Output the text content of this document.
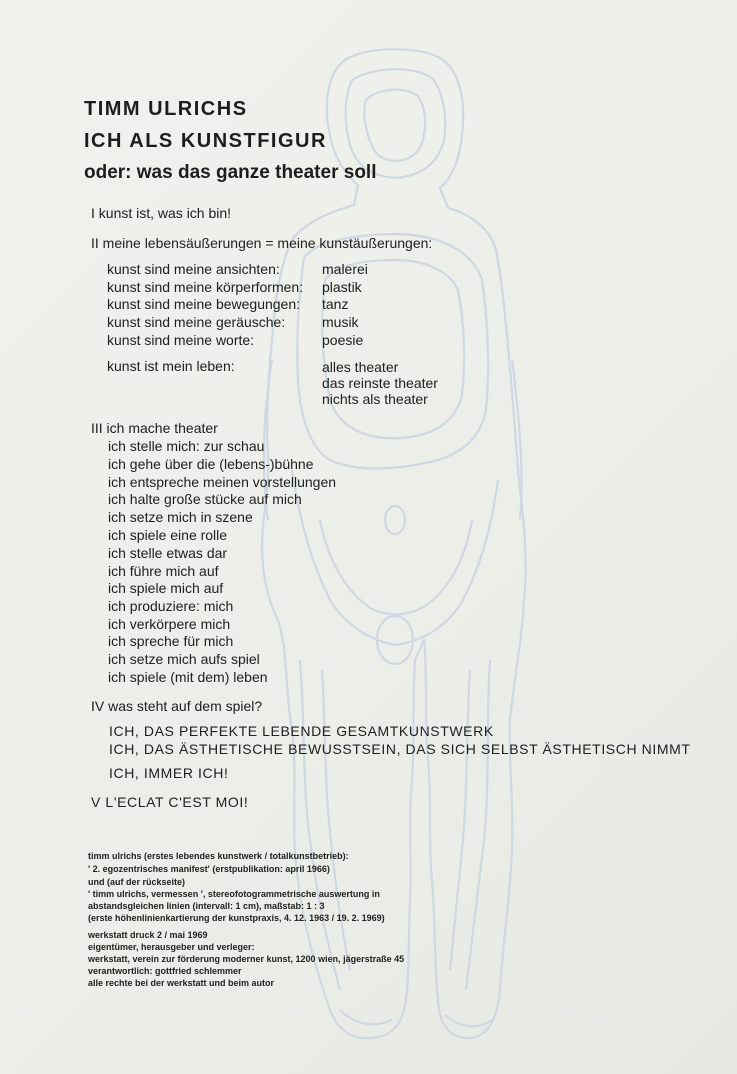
TIMM ULRICHS
ICH ALS KUNSTFIGUR
oder: was das ganze theater soll
I kunst ist, was ich bin!
II meine lebensäußerungen = meine kunstäußerungen:
kunst sind meine ansichten:	malerei
kunst sind meine körperformen: plastik
kunst sind meine bewegungen: tanz
kunst sind meine geräusche:	musik
kunst sind meine worte:	poesie
kunst ist mein leben:	alles theater
das reinste theater
nichts als theater
III ich mache theater
ich stelle mich: zur schau
ich gehe über die (lebens-)bühne
ich entspreche meinen vorstellungen
ich halte große stücke auf mich
ich setze mich in szene
ich spiele eine rolle
ich stelle etwas dar
ich führe mich auf
ich spiele mich auf
ich produziere: mich
ich verkörpere mich
ich spreche für mich
ich setze mich aufs spiel
ich spiele (mit dem) leben
IV was steht auf dem spiel?
ICH, DAS PERFEKTE LEBENDE GESAMTKUNSTWERK
ICH, DAS ÄSTHETISCHE BEWUSSTSEIN, DAS SICH SELBST ÄSTHETISCH NIMMT
ICH, IMMER ICH!
V L'ECLAT C'EST MOI!
timm ulrichs (erstes lebendes kunstwerk / totalkunstbetrieb):
' 2. egozentrisches manifest' (erstpublikation: april 1966)
und (auf der rückseite)
' timm ulrichs, vermessen ', stereofotogrammetrische auswertung in
abstandsgleichen linien (intervall: 1 cm), maßstab: 1 : 3
(erste höhenlinienkartierung der kunstpraxis, 4. 12. 1963 / 19. 2. 1969)
werkstatt druck 2 / mai 1969
eigentümer, herausgeber und verleger:
werkstatt, verein zur förderung moderner kunst, 1200 wien, jägerstraße 45
verantwortlich: gottfried schlemmer
alle rechte bei der werkstatt und beim autor
